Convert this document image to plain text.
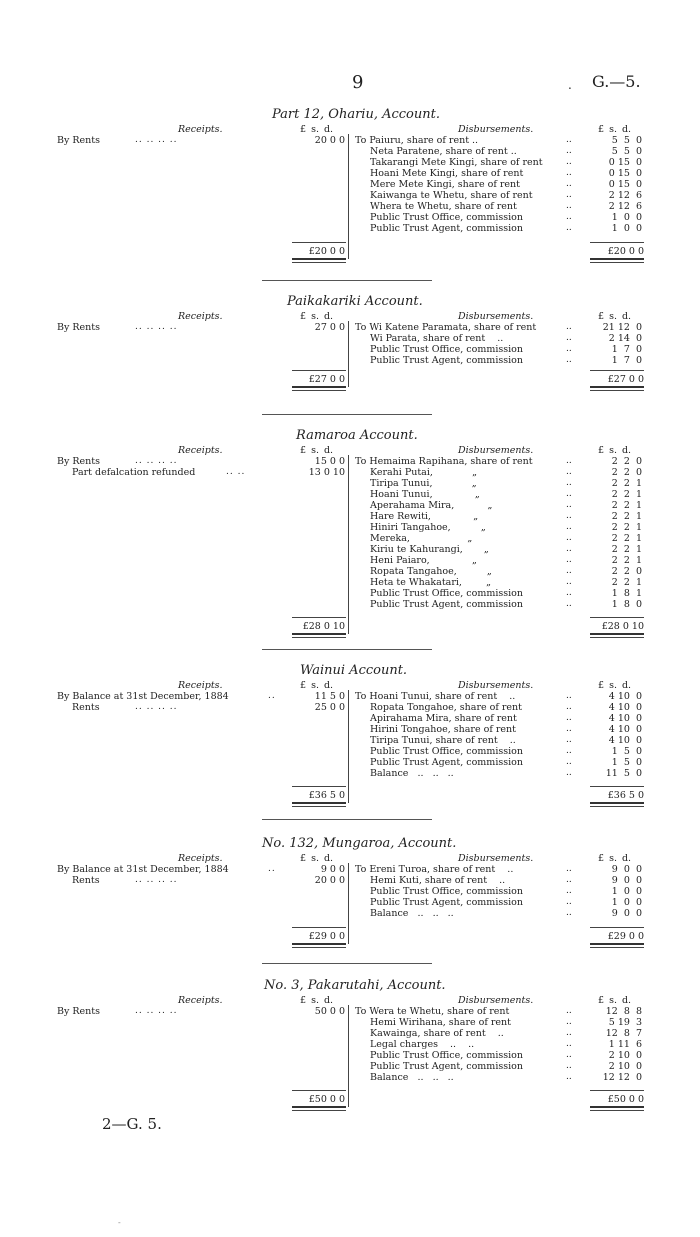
9	. G.—5.
Part 12, Ohariu, Account.
Receipts.	£ s. d.	Disbursements.	£ s. d.
By Rents	.. .. .. ..	20 0 0 To Paiuru, share of rent ..	..	5  5  0
Neta Paratene, share of rent ..	..	5  5  0
Takarangi Mete Kingi, share of rent	..	0 15  0
Hoani Mete Kingi, share of rent	..	0 15  0
Mere Mete Kingi, share of rent	..	0 15  0
Kaiwanga te Whetu, share of rent	..	2 12  6
Whera te Whetu, share of rent	..	2 12  6
Public Trust Office, commission	..	1  0  0
Public Trust Agent, commission	..	1  0  0
£20 0 0	£20 0 0
Paikakariki Account.
Receipts.	£ s. d.	Disbursements.	£ s. d.
By Rents	.. .. .. ..	27 0 0 To Wi Katene Paramata, share of rent	..	21 12  0
Wi Parata, share of rent    ..	..	2 14  0
Public Trust Office, commission	..	1  7  0
Public Trust Agent, commission	..	1  7  0
£27 0 0	£27 0 0
Ramaroa Account.
Receipts.	£ s. d.	Disbursements.	£ s. d.
By Rents	.. .. .. ..	15 0 0
Part defalcation refunded	.. ..	13 0 10
To Hemaima Rapihana, share of rent	..	2  2  0
Kerahi Putai,             „	..	2  2  0
Tiripa Tunui,             „	..	2  2  1
Hoani Tunui,              „	..	2  2  1
Aperahama Mira,           „	..	2  2  1
Hare Rewiti,              „	..	2  2  1
Hiniri Tangahoe,          „	..	2  2  1
Mereka,                   „	..	2  2  1
Kiriu te Kahurangi,       „	..	2  2  1
Heni Paiaro,              „	..	2  2  1
Ropata Tangahoe,          „	..	2  2  0
Heta te Whakatari,        „	..	2  2  1
Public Trust Office, commission	..	1  8  1
Public Trust Agent, commission	..	1  8  0
£28 0 10	£28 0 10
Wainui Account.
Receipts.	£ s. d.	Disbursements.	£ s. d.
By Balance at 31st December, 1884	..	11 5 0
Rents	.. .. .. ..	25 0 0
To Hoani Tunui, share of rent    ..	..	4 10  0
Ropata Tongahoe, share of rent	..	4 10  0
Apirahama Mira, share of rent	..	4 10  0
Hirini Tongahoe, share of rent	..	4 10  0
Tiripa Tunui, share of rent    ..	..	4 10  0
Public Trust Office, commission	..	1  5  0
Public Trust Agent, commission	..	1  5  0
Balance   ..   ..   ..	..	11  5  0
£36 5 0	£36 5 0
No. 132, Mungaroa, Account.
Receipts.	£ s. d.	Disbursements.	£ s. d.
By Balance at 31st December, 1884	..	9 0 0
Rents	.. .. .. ..	20 0 0
To Ereni Turoa, share of rent    ..	..	9  0  0
Hemi Kuti, share of rent    ..	..	9  0  0
Public Trust Office, commission	..	1  0  0
Public Trust Agent, commission	..	1  0  0
Balance   ..   ..   ..	..	9  0  0
£29 0 0	£29 0 0
No. 3, Pakarutahi, Account.
Receipts.	£ s. d.	Disbursements.	£ s. d.
By Rents	.. .. .. ..	50 0 0 To Wera te Whetu, share of rent	..	12  8  8
Hemi Wirihana, share of rent	..	5 19  3
Kawainga, share of rent    ..	..	12  8  7
Legal charges    ..    ..	..	1 11  6
Public Trust Office, commission	..	2 10  0
Public Trust Agent, commission	..	2 10  0
Balance   ..   ..   ..	..	12 12  0
£50 0 0	£50 0 0
2—G. 5.
-
